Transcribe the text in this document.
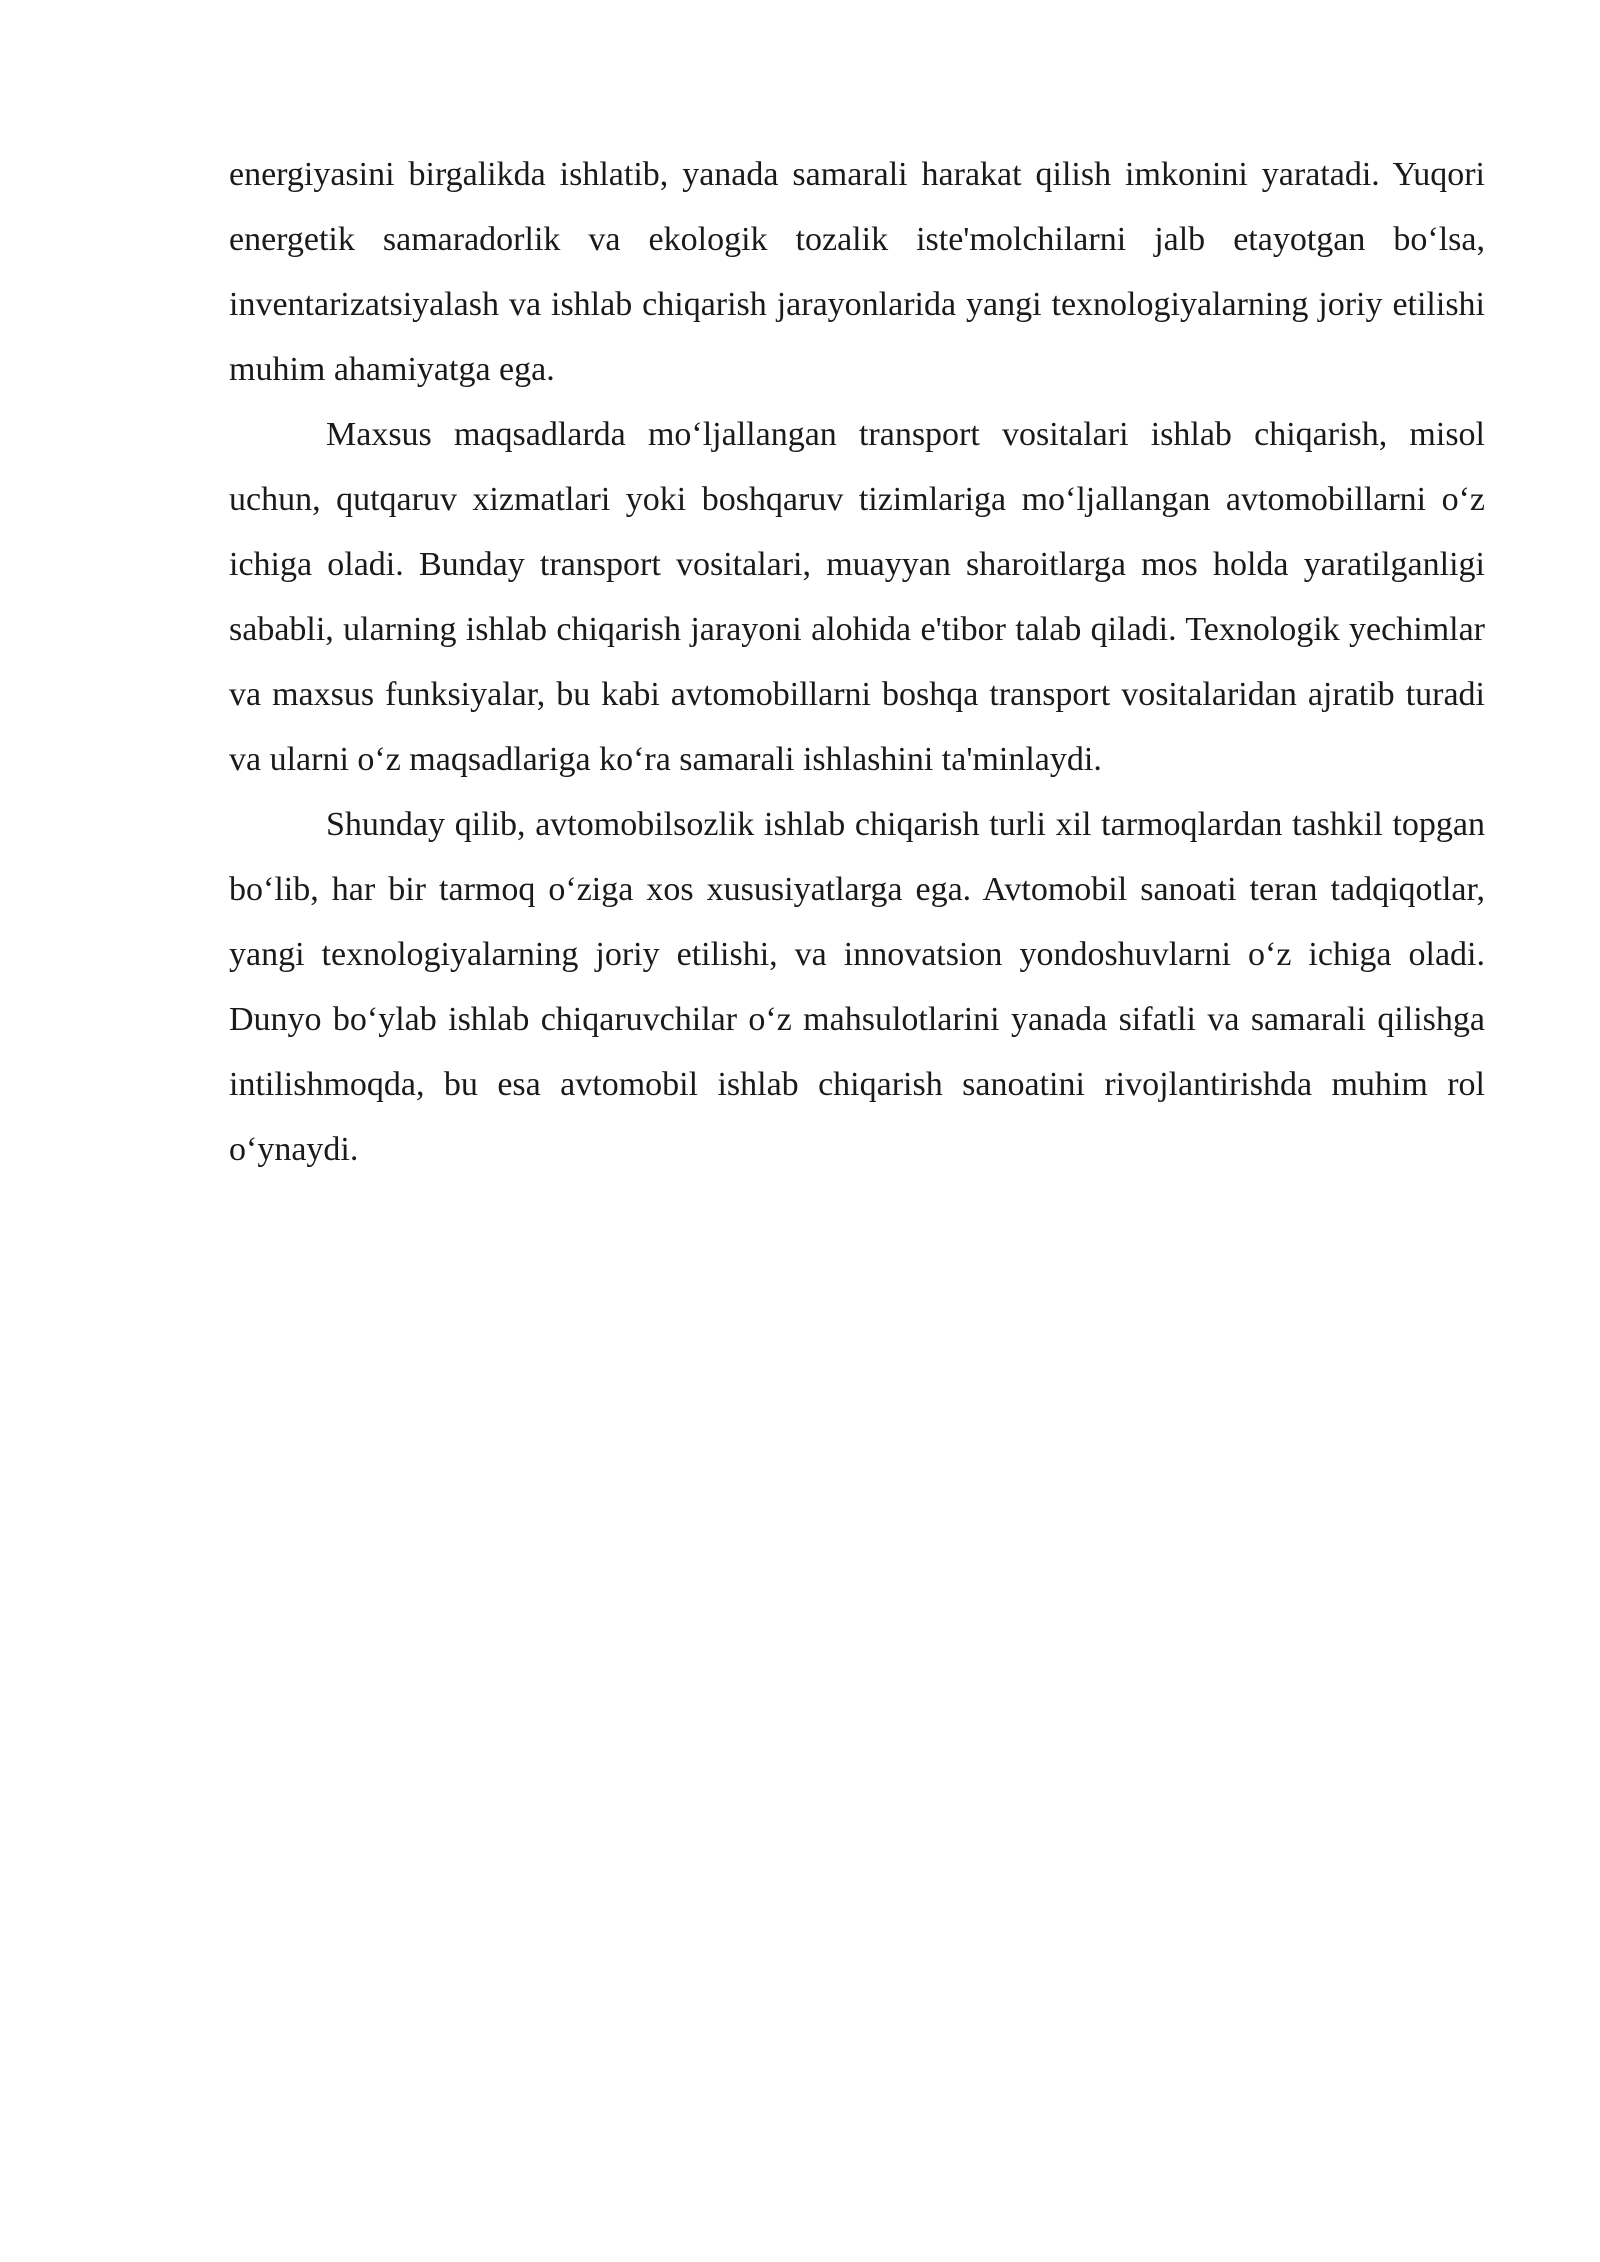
energiyasini birgalikda ishlatib, yanada samarali harakat qilish imkonini yaratadi. Yuqori energetik samaradorlik va ekologik tozalik iste'molchilarni jalb etayotgan bo‘lsa, inventarizatsiyalash va ishlab chiqarish jarayonlarida yangi texnologiyalarning joriy etilishi muhim ahamiyatga ega.

Maxsus maqsadlarda mo‘ljallangan transport vositalari ishlab chiqarish, misol uchun, qutqaruv xizmatlari yoki boshqaruv tizimlariga mo‘ljallangan avtomobillarni o‘z ichiga oladi. Bunday transport vositalari, muayyan sharoitlarga mos holda yaratilganligi sababli, ularning ishlab chiqarish jarayoni alohida e'tibor talab qiladi. Texnologik yechimlar va maxsus funksiyalar, bu kabi avtomobillarni boshqa transport vositalaridan ajratib turadi va ularni o‘z maqsadlariga ko‘ra samarali ishlashini ta'minlaydi.

Shunday qilib, avtomobilsozlik ishlab chiqarish turli xil tarmoqlardan tashkil topgan bo‘lib, har bir tarmoq o‘ziga xos xususiyatlarga ega. Avtomobil sanoati teran tadqiqotlar, yangi texnologiyalarning joriy etilishi, va innovatsion yondoshuvlarni o‘z ichiga oladi. Dunyo bo‘ylab ishlab chiqaruvchilar o‘z mahsulotlarini yanada sifatli va samarali qilishga intilishmoqda, bu esa avtomobil ishlab chiqarish sanoatini rivojlantirishda muhim rol o‘ynaydi.
